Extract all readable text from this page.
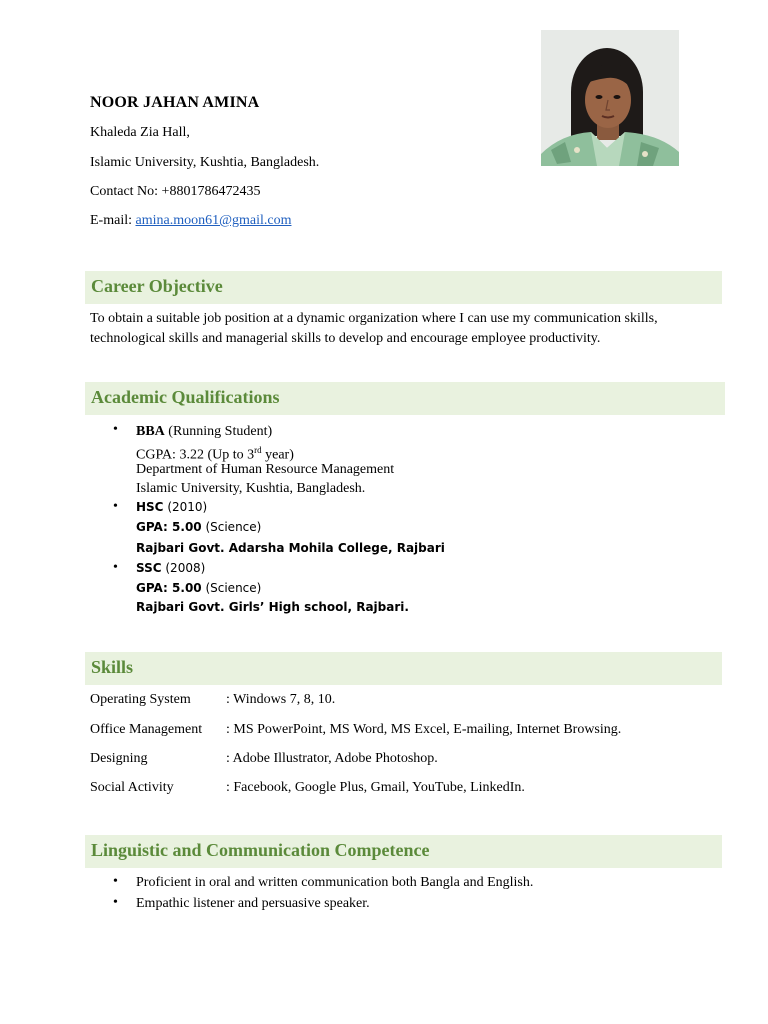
NOOR JAHAN AMINA
Khaleda Zia Hall,
Islamic University, Kushtia, Bangladesh.
Contact No: +8801786472435
E-mail: amina.moon61@gmail.com
Career Objective
To obtain a suitable job position at a dynamic organization where I can use my communication skills,
technological skills and managerial skills to develop and encourage employee productivity.
Academic Qualifications
• BBA (Running Student)
CGPA: 3.22 (Up to 3rd year)
Department of Human Resource Management
Islamic University, Kushtia, Bangladesh.
• HSC (2010)
GPA: 5.00 (Science)
Rajbari Govt. Adarsha Mohila College, Rajbari
• SSC (2008)
GPA: 5.00 (Science)
Rajbari Govt. Girls’ High school, Rajbari.
Skills
Operating System	: Windows 7, 8, 10.
Office Management : MS PowerPoint, MS Word, MS Excel, E-mailing, Internet Browsing.
Designing	: Adobe Illustrator, Adobe Photoshop.
Social Activity	: Facebook, Google Plus, Gmail, YouTube, LinkedIn.
Linguistic and Communication Competence
• Proficient in oral and written communication both Bangla and English.
• Empathic listener and persuasive speaker.
